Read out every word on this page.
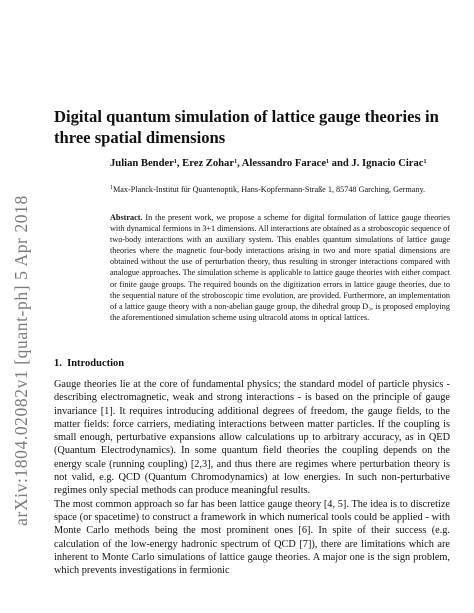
arXiv:1804.02082v1 [quant-ph] 5 Apr 2018
Digital quantum simulation of lattice gauge theories in three spatial dimensions
Julian Bender$^1$, Erez Zohar$^1$, Alessandro Farace$^1$ and J. Ignacio Cirac$^1$
$^1$Max-Planck-Institut für Quantenoptik, Hans-Kopfermann-Straße 1, 85748 Garching, Germany.
Abstract. In the present work, we propose a scheme for digital formulation of lattice gauge theories with dynamical fermions in 3+1 dimensions. All interactions are obtained as a stroboscopic sequence of two-body interactions with an auxiliary system. This enables quantum simulations of lattice gauge theories where the magnetic four-body interactions arising in two and more spatial dimensions are obtained without the use of perturbation theory, thus resulting in stronger interactions compared with analogue approaches. The simulation scheme is applicable to lattice gauge theories with either compact or finite gauge groups. The required bounds on the digitization errors in lattice gauge theories, due to the sequential nature of the stroboscopic time evolution, are provided. Furthermore, an implementation of a lattice gauge theory with a non-abelian gauge group, the dihedral group D₃, is proposed employing the aforementioned simulation scheme using ultracold atoms in optical lattices.
1. Introduction

Gauge theories lie at the core of fundamental physics; the standard model of particle physics - describing electromagnetic, weak and strong interactions - is based on the principle of gauge invariance [1]. It requires introducing additional degrees of freedom, the gauge fields, to the matter fields: force carriers, mediating interactions between matter particles. If the coupling is small enough, perturbative expansions allow calculations up to arbitrary accuracy, as in QED (Quantum Electrodynamics). In some quantum field theories the coupling depends on the energy scale (running coupling) [2,3], and thus there are regimes where perturbation theory is not valid, e.g. QCD (Quantum Chromodynamics) at low energies. In such non-perturbative regimes only special methods can produce meaningful results.

The most common approach so far has been lattice gauge theory [4, 5]. The idea is to discretize space (or spacetime) to construct a framework in which numerical tools could be applied - with Monte Carlo methods being the most prominent ones [6]. In spite of their success (e.g. calculation of the low-energy hadronic spectrum of QCD [7]), there are limitations which are inherent to Monte Carlo simulations of lattice gauge theories. A major one is the sign problem, which prevents investigations in fermionic
